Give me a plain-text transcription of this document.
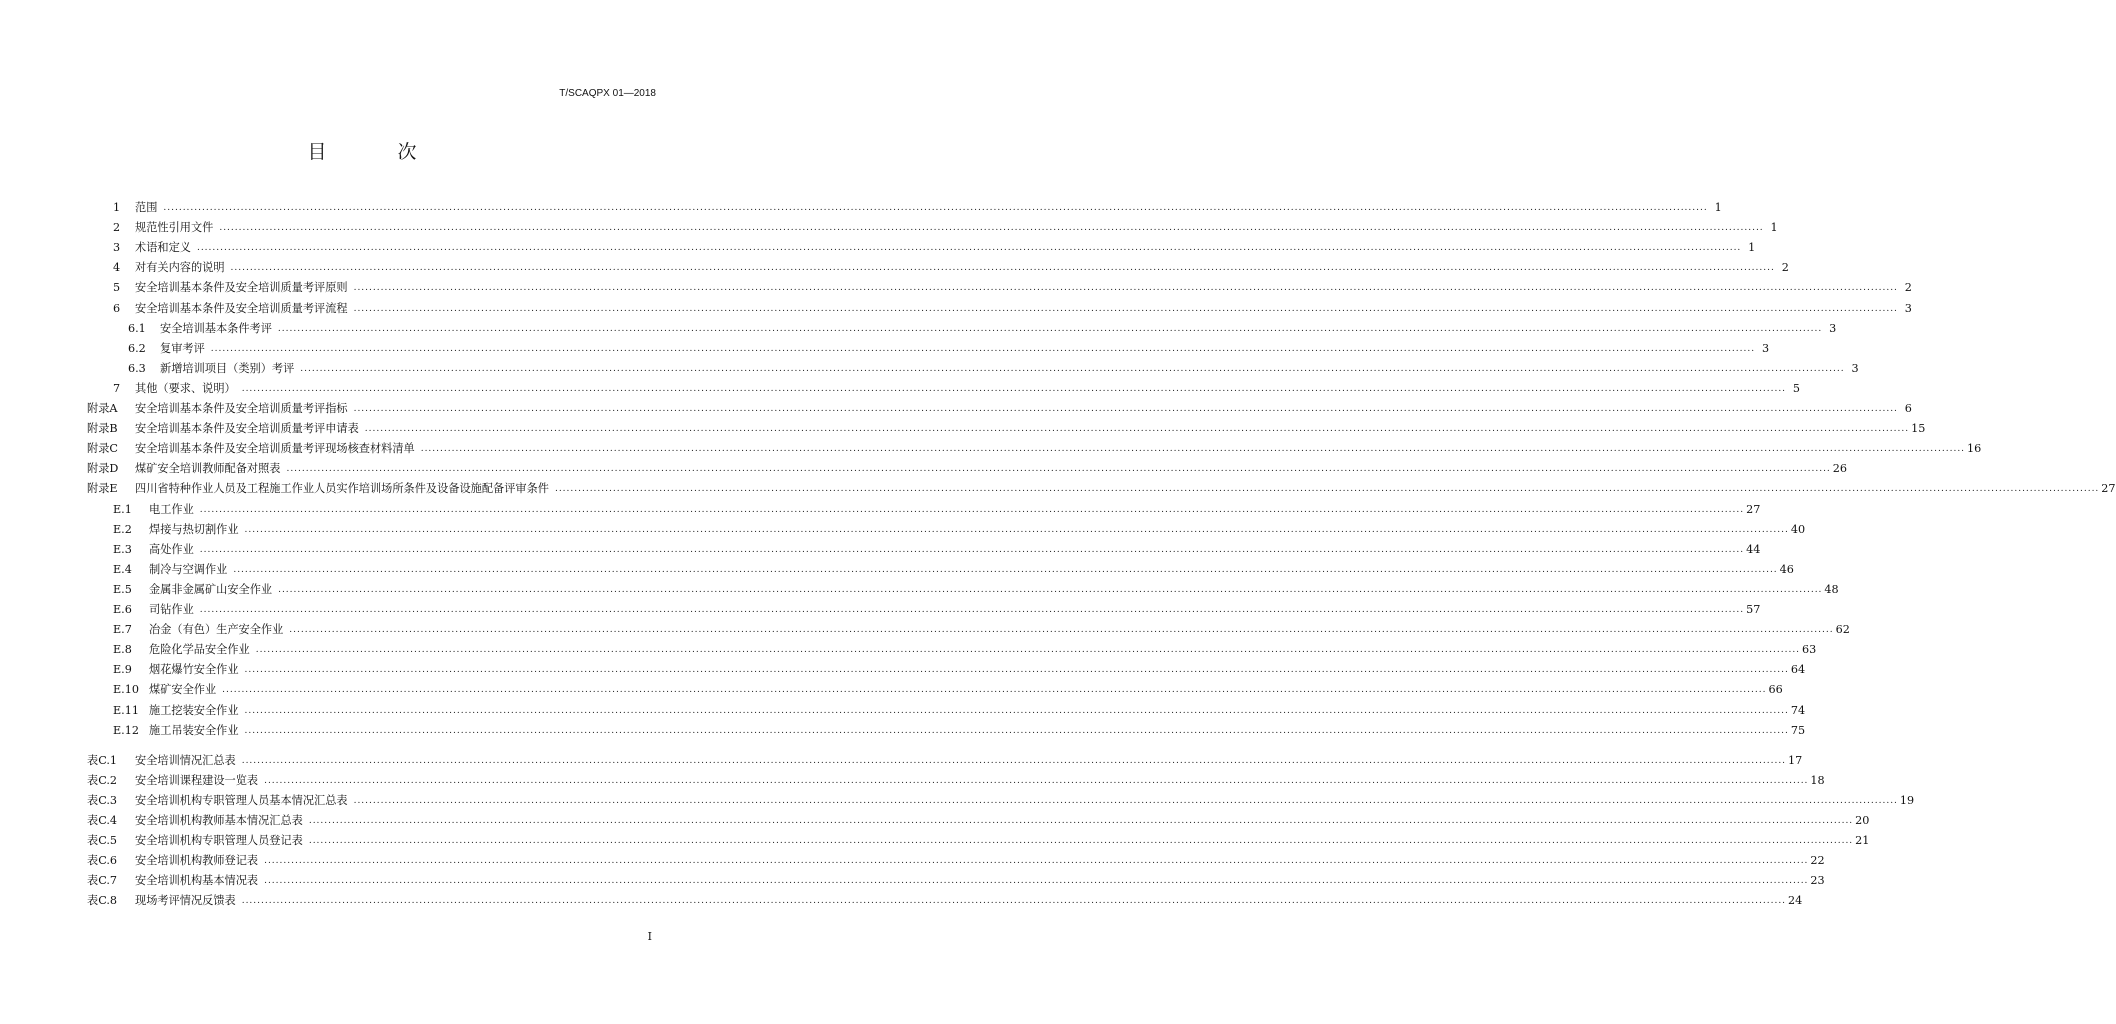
T/SCAQPX 01—2018
目　次
1	范围 ................................................................................................................................................................................................................................................................................................................................................................................................................ 1
2	规范性引用文件 ................................................................................................................................................................................................................................................................................................................................................................................................................ 1
3	术语和定义 ................................................................................................................................................................................................................................................................................................................................................................................................................ 1
4	对有关内容的说明 ................................................................................................................................................................................................................................................................................................................................................................................................................ 2
5	安全培训基本条件及安全培训质量考评原则 ................................................................................................................................................................................................................................................................................................................................................................................................................ 2
6	安全培训基本条件及安全培训质量考评流程 ................................................................................................................................................................................................................................................................................................................................................................................................................ 3
6.1	安全培训基本条件考评 ................................................................................................................................................................................................................................................................................................................................................................................................................ 3
6.2	复审考评 ................................................................................................................................................................................................................................................................................................................................................................................................................ 3
6.3	新增培训项目（类别）考评 ................................................................................................................................................................................................................................................................................................................................................................................................................ 3
7	其他（要求、说明） ................................................................................................................................................................................................................................................................................................................................................................................................................ 5
附录A	安全培训基本条件及安全培训质量考评指标 ................................................................................................................................................................................................................................................................................................................................................................................................................ 6
附录B	安全培训基本条件及安全培训质量考评申请表 ................................................................................................................................................................................................................................................................................................................................................................................................................ 15
附录C	安全培训基本条件及安全培训质量考评现场核查材料清单 ................................................................................................................................................................................................................................................................................................................................................................................................................ 16
附录D	煤矿安全培训教师配备对照表 ................................................................................................................................................................................................................................................................................................................................................................................................................ 26
附录E	四川省特种作业人员及工程施工作业人员实作培训场所条件及设备设施配备评审条件 ................................................................................................................................................................................................................................................................................................................................................................................................................ 27
E.1	电工作业 ................................................................................................................................................................................................................................................................................................................................................................................................................ 27
E.2	焊接与热切割作业 ................................................................................................................................................................................................................................................................................................................................................................................................................ 40
E.3	高处作业 ................................................................................................................................................................................................................................................................................................................................................................................................................ 44
E.4	制冷与空调作业 ................................................................................................................................................................................................................................................................................................................................................................................................................ 46
E.5	金属非金属矿山安全作业 ................................................................................................................................................................................................................................................................................................................................................................................................................ 48
E.6	司钻作业 ................................................................................................................................................................................................................................................................................................................................................................................................................ 57
E.7	冶金（有色）生产安全作业 ................................................................................................................................................................................................................................................................................................................................................................................................................ 62
E.8	危险化学品安全作业 ................................................................................................................................................................................................................................................................................................................................................................................................................ 63
E.9	烟花爆竹安全作业 ................................................................................................................................................................................................................................................................................................................................................................................................................ 64
E.10 煤矿安全作业 ................................................................................................................................................................................................................................................................................................................................................................................................................ 66
E.11 施工挖装安全作业 ................................................................................................................................................................................................................................................................................................................................................................................................................ 74
E.12 施工吊装安全作业 ................................................................................................................................................................................................................................................................................................................................................................................................................ 75
表C.1	安全培训情况汇总表 ................................................................................................................................................................................................................................................................................................................................................................................................................ 17
表C.2	安全培训课程建设一览表 ................................................................................................................................................................................................................................................................................................................................................................................................................ 18
表C.3	安全培训机构专职管理人员基本情况汇总表 ................................................................................................................................................................................................................................................................................................................................................................................................................ 19
表C.4	安全培训机构教师基本情况汇总表 ................................................................................................................................................................................................................................................................................................................................................................................................................ 20
表C.5	安全培训机构专职管理人员登记表 ................................................................................................................................................................................................................................................................................................................................................................................................................ 21
表C.6	安全培训机构教师登记表 ................................................................................................................................................................................................................................................................................................................................................................................................................ 22
表C.7	安全培训机构基本情况表 ................................................................................................................................................................................................................................................................................................................................................................................................................ 23
表C.8	现场考评情况反馈表 ................................................................................................................................................................................................................................................................................................................................................................................................................ 24
I
